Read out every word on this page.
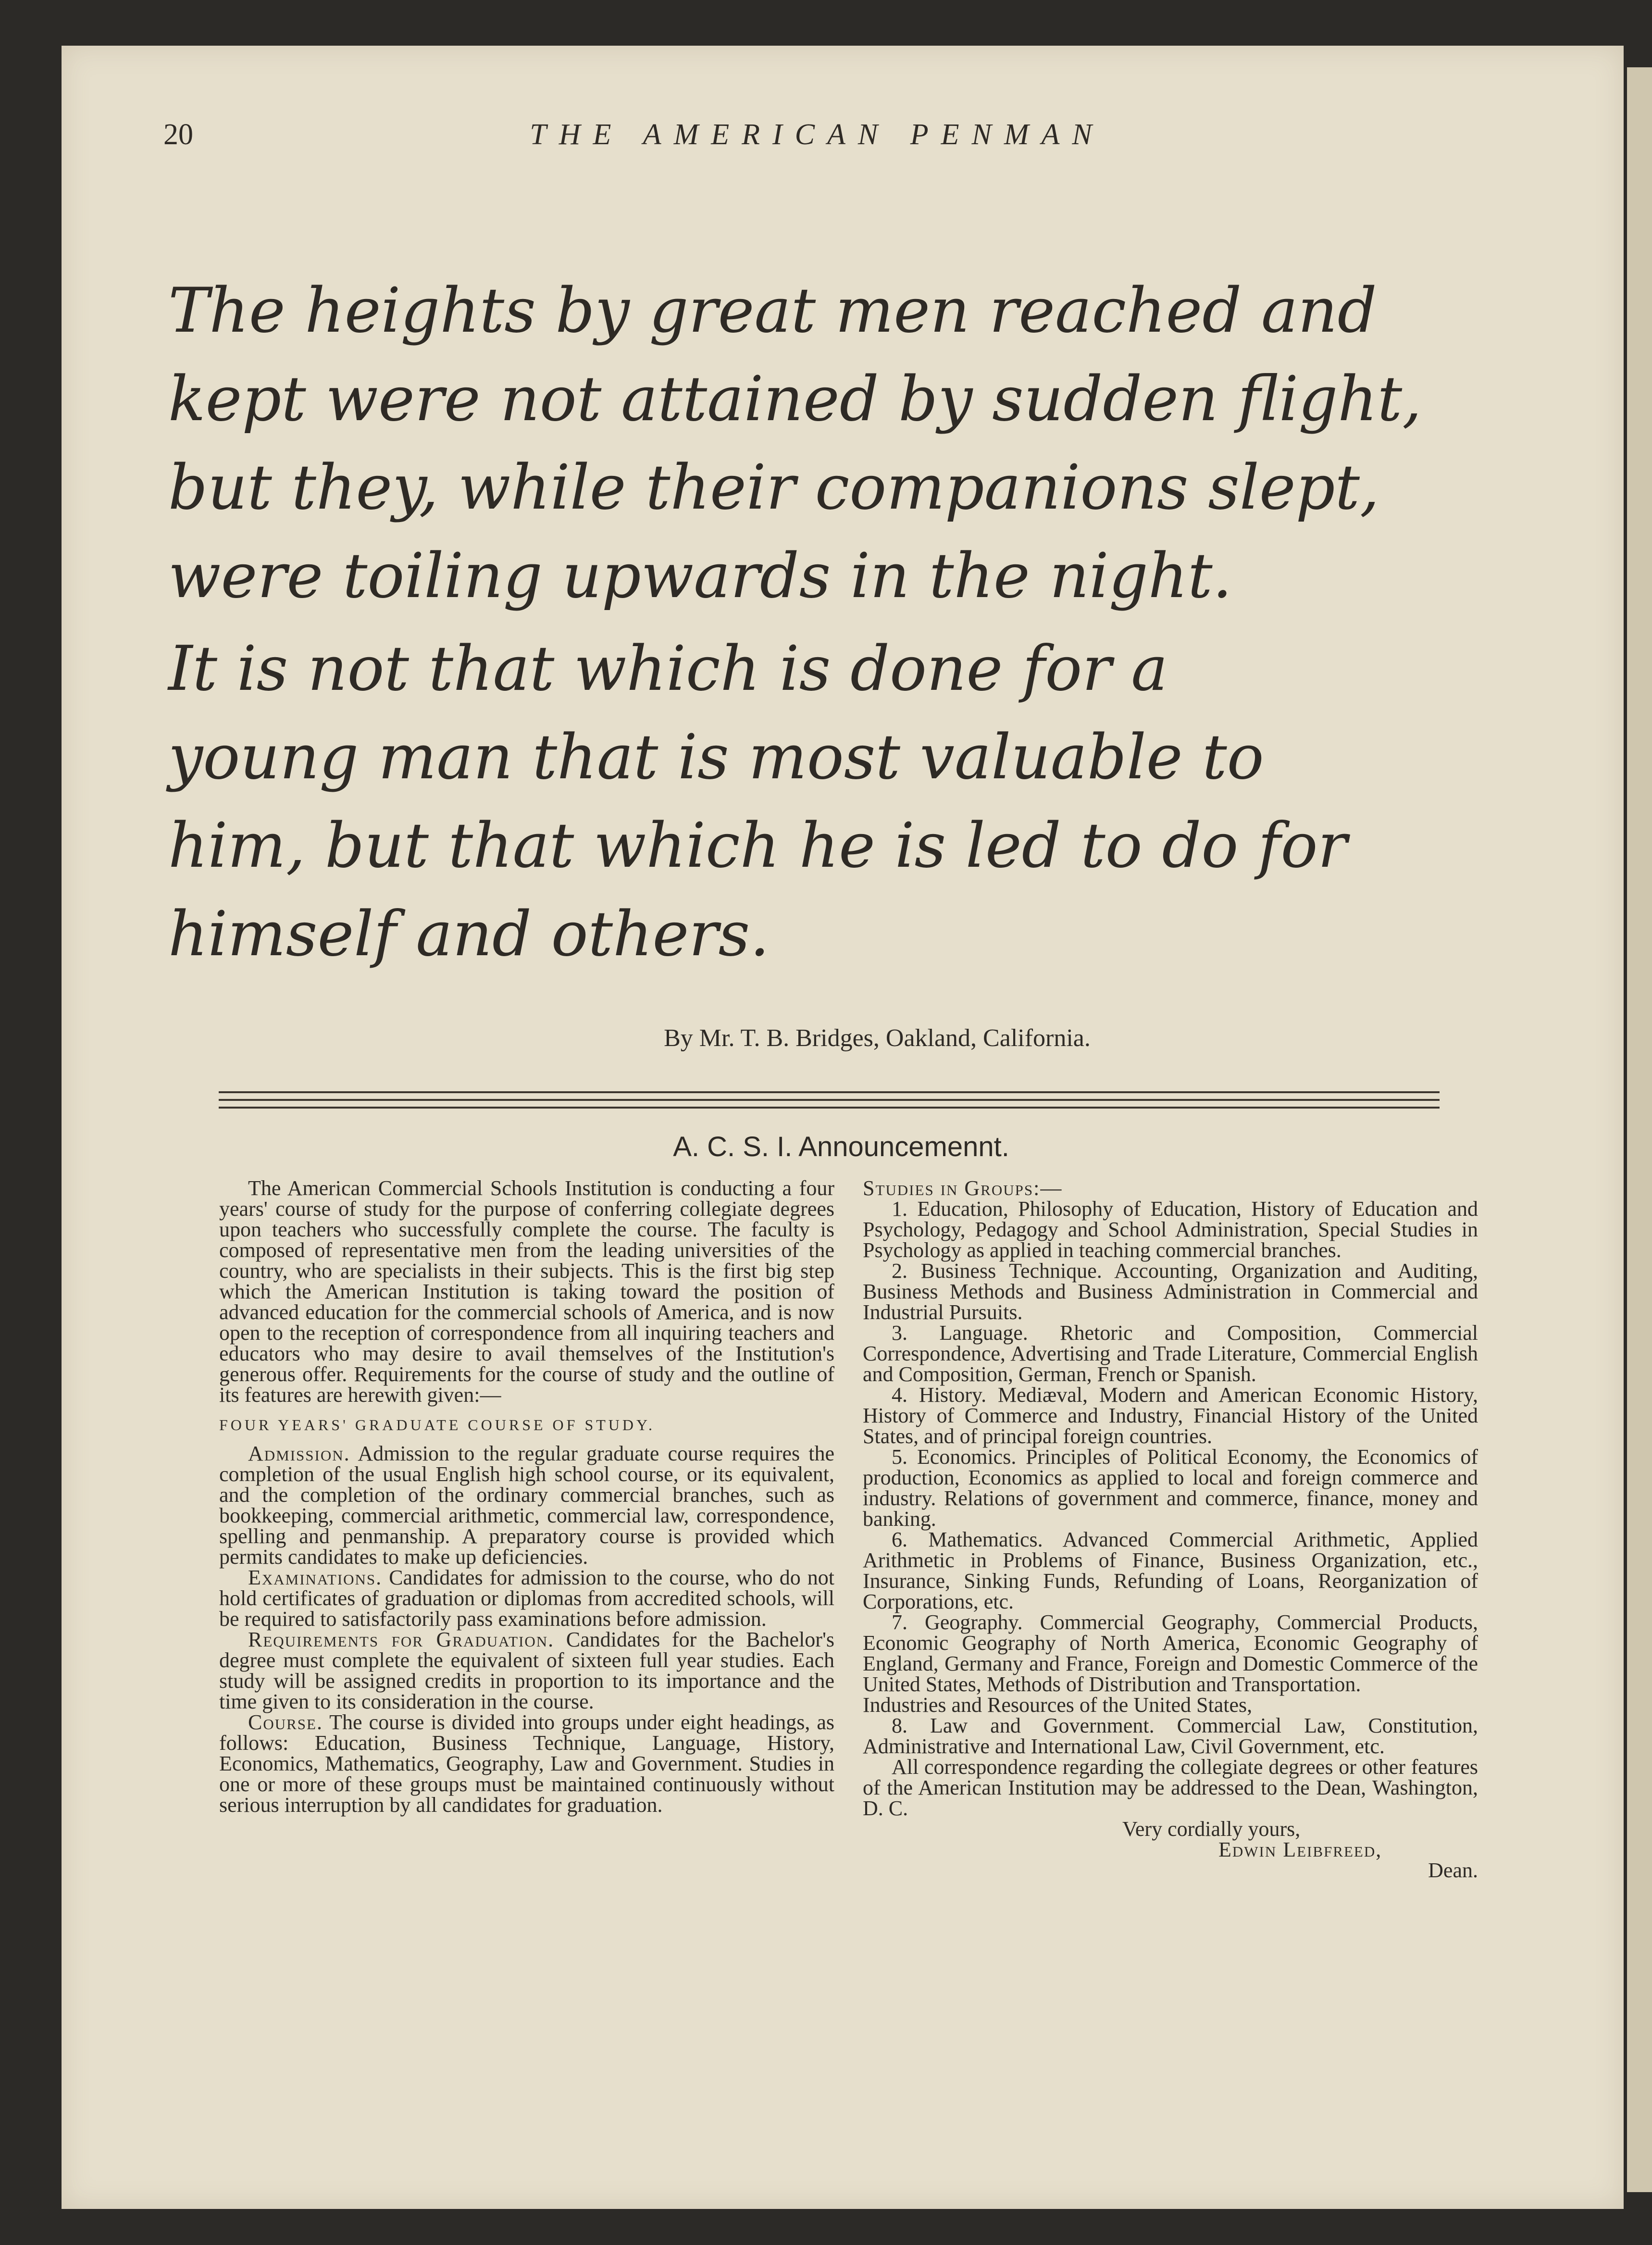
20	THE AMERICAN PENMAN
The heights by great men reached and
kept were not attained by sudden flight,
but they, while their companions slept,
were toiling upwards in the night.
It is not that which is done for a
young man that is most valuable to
him, but that which he is led to do for
himself and others.
By Mr. T. B. Bridges, Oakland, California.
A. C. S. I. Announcemennt.

The American Commercial Schools Institution is conducting a four years' course of study for the purpose of conferring collegiate degrees upon teachers who successfully complete the course. The faculty is composed of representative men from the leading universities of the country, who are specialists in their subjects. This is the first big step which the American Institution is taking toward the position of advanced education for the commercial schools of America, and is now open to the reception of correspondence from all inquiring teachers and educators who may desire to avail themselves of the Institution's generous offer. Requirements for the course of study and the outline of its features are herewith given:—

FOUR YEARS' GRADUATE COURSE OF STUDY.

Admission. Admission to the regular graduate course requires the completion of the usual English high school course, or its equivalent, and the completion of the ordinary commercial branches, such as bookkeeping, commercial arithmetic, commercial law, correspondence, spelling and penmanship. A preparatory course is provided which permits candidates to make up deficiencies.

Examinations. Candidates for admission to the course, who do not hold certificates of graduation or diplomas from accredited schools, will be required to satisfactorily pass examinations before admission.

Requirements for Graduation. Candidates for the Bachelor's degree must complete the equivalent of sixteen full year studies. Each study will be assigned credits in proportion to its importance and the time given to its consideration in the course.

Course. The course is divided into groups under eight headings, as follows: Education, Business Technique, Language, History, Economics, Mathematics, Geography, Law and Government. Studies in one or more of these groups must be maintained continuously without serious interruption by all candidates for graduation.

Studies in Groups:—

1. Education, Philosophy of Education, History of Education and Psychology, Pedagogy and School Administration, Special Studies in Psychology as applied in teaching commercial branches.

2. Business Technique. Accounting, Organization and Auditing, Business Methods and Business Administration in Commercial and Industrial Pursuits.

3. Language. Rhetoric and Composition, Commercial Correspondence, Advertising and Trade Literature, Commercial English and Composition, German, French or Spanish.

4. History. Mediæval, Modern and American Economic History, History of Commerce and Industry, Financial History of the United States, and of principal foreign countries.

5. Economics. Principles of Political Economy, the Economics of production, Economics as applied to local and foreign commerce and industry. Relations of government and commerce, finance, money and banking.

6. Mathematics. Advanced Commercial Arithmetic, Applied Arithmetic in Problems of Finance, Business Organization, etc., Insurance, Sinking Funds, Refunding of Loans, Reorganization of Corporations, etc.

7. Geography. Commercial Geography, Commercial Products, Economic Geography of North America, Economic Geography of England, Germany and France, Foreign and Domestic Commerce of the United States, Methods of Distribution and Transportation.

Industries and Resources of the United States,

8. Law and Government. Commercial Law, Constitution, Administrative and International Law, Civil Government, etc.

All correspondence regarding the collegiate degrees or other features of the American Institution may be addressed to the Dean, Washington, D. C.

Very cordially yours,

Edwin Leibfreed,

Dean.
